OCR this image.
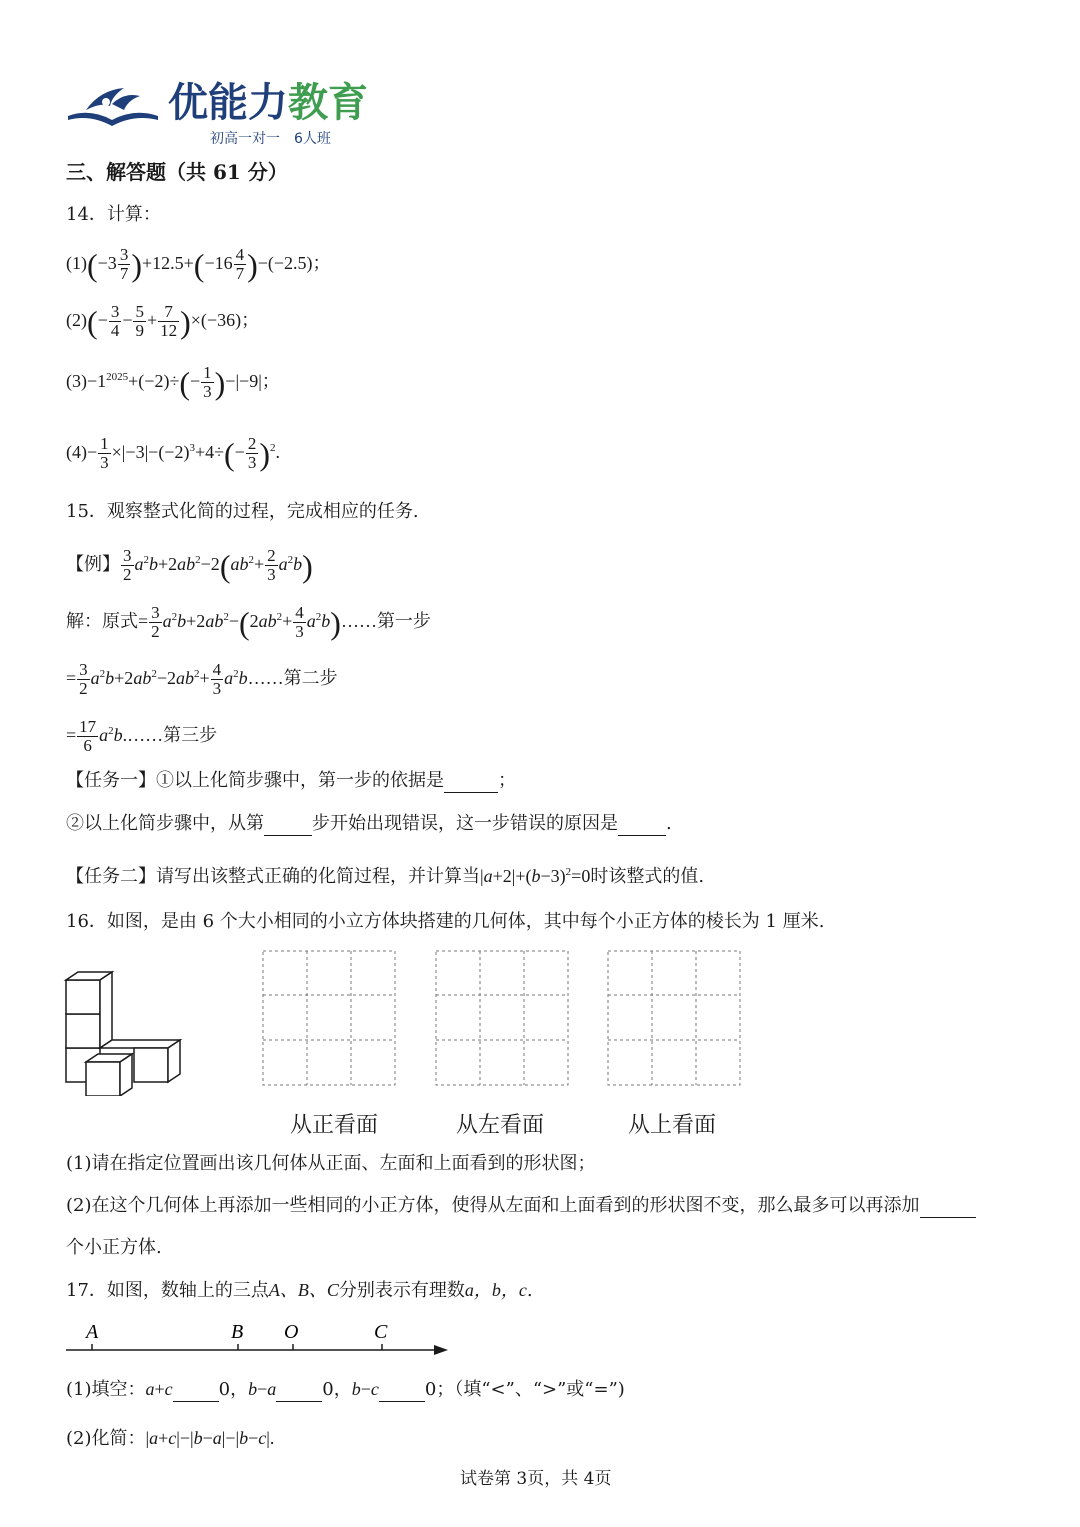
优能力教育
初高一对一　6人班
三、解答题（共 61 分）
14．计算：
$(1)(-3 \frac{3}{7} )+12.5+(-16 \frac{4}{7} )-(-2.5)$；
$(2)(- \frac{3}{4} - \frac{5}{9} + \frac{7}{12} )\times(-36)$；
$(3)-1^{2025}+(-2)\div(- \frac{1}{3} )-|-9|$；
$(4)- \frac{1}{3} \times|-3|-(-2)^3+4\div(- \frac{2}{3} )^2$.
15．观察整式化简的过程，完成相应的任务.
【例】 $\frac{3}{2} a^2b+2ab^2-2(ab^2+ \frac{2}{3} a^2b)$
解：原式= $\frac{3}{2} a^2b+2ab^2-(2ab^2+ \frac{4}{3}$ $a^2b)\dots\dots$第一步
= $\frac{3}{2} a^2b+2ab^2-2ab^2+ \frac{4}{3}$ $a^2b\dots\dots$第二步
= $\frac{17}{6}$ $a^2b.\dots\dots$第三步
【任务一】①以上化简步骤中，第一步的依据是	；
②以上化简步骤中，从第	步开始出现错误，这一步错误的原因是	.
【任务二】请写出该整式正确的化简过程，并计算当$|a+2|+(b-3)^2=0$时该整式的值.
16．如图，是由 6 个大小相同的小立方体块搭建的几何体，其中每个小正方体的棱长为 1 厘米.
从正看面	从左看面	从上看面
(1)请在指定位置画出该几何体从正面、左面和上面看到的形状图；
(2)在这个几何体上再添加一些相同的小正方体，使得从左面和上面看到的形状图不变，那么最多可以再添加
个小正方体.
17．如图，数轴上的三点A、B、C分别表示有理数a，b，c.
A	B O	C
(1)填空：a+c	0，b−a	0，b−c	0；（填“<”、“>”或“=”)
(2)化简：|a+c|−|b−a|−|b−c|.
试卷第 3页，共 4页
